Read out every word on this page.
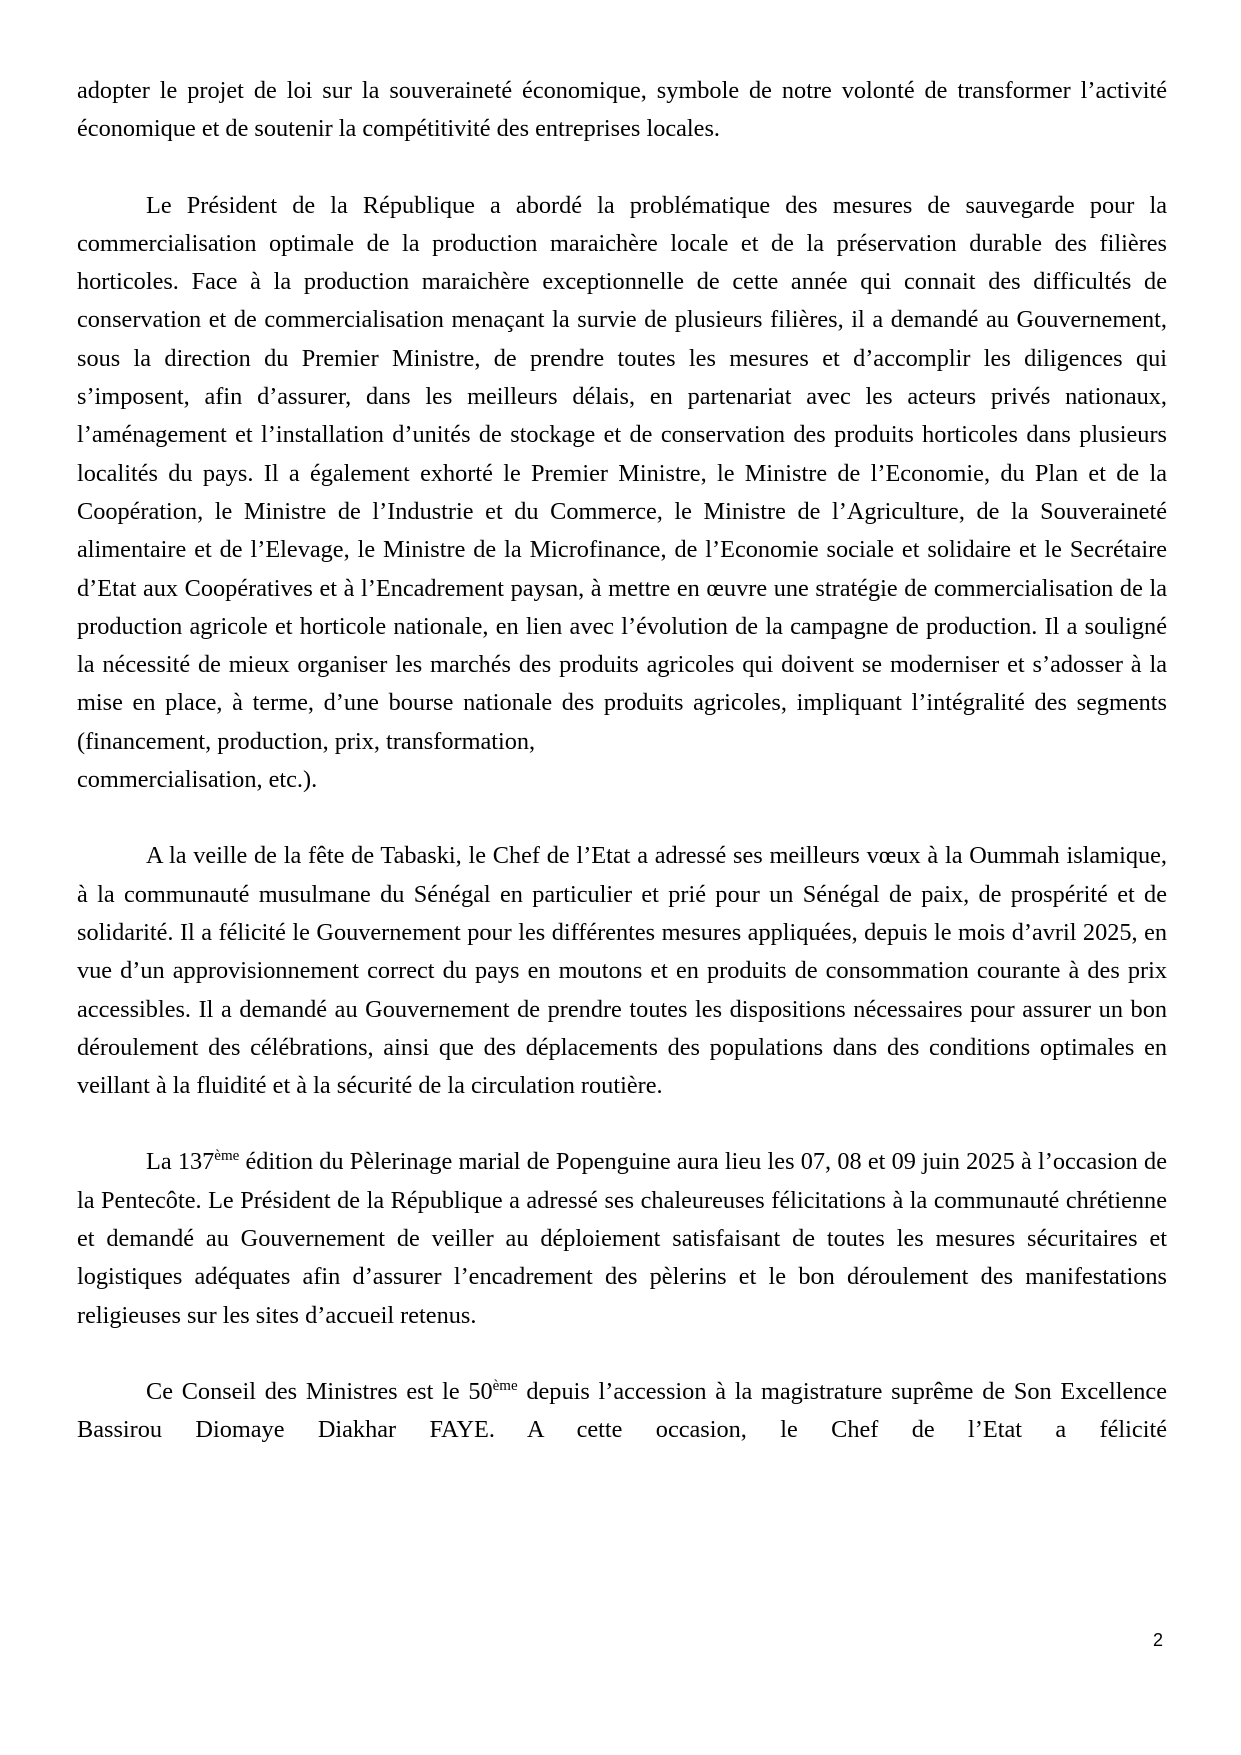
adopter le projet de loi sur la souveraineté économique, symbole de notre volonté de transformer l’activité économique et de soutenir la compétitivité des entreprises locales.

Le Président de la République a abordé la problématique des mesures de sauvegarde pour la commercialisation optimale de la production maraichère locale et de la préservation durable des filières horticoles. Face à la production maraichère exceptionnelle de cette année qui connait des difficultés de conservation et de commercialisation menaçant la survie de plusieurs filières, il a demandé au Gouvernement, sous la direction du Premier Ministre, de prendre toutes les mesures et d’accomplir les diligences qui s’imposent, afin d’assurer, dans les meilleurs délais, en partenariat avec les acteurs privés nationaux, l’aménagement et l’installation d’unités de stockage et de conservation des produits horticoles dans plusieurs localités du pays. Il a également exhorté le Premier Ministre, le Ministre de l’Economie, du Plan et de la Coopération, le Ministre de l’Industrie et du Commerce, le Ministre de l’Agriculture, de la Souveraineté alimentaire et de l’Elevage, le Ministre de la Microfinance, de l’Economie sociale et solidaire et le Secrétaire d’Etat aux Coopératives et à l’Encadrement paysan, à mettre en œuvre une stratégie de commercialisation de la production agricole et horticole nationale, en lien avec l’évolution de la campagne de production. Il a souligné la nécessité de mieux organiser les marchés des produits agricoles qui doivent se moderniser et s’adosser à la mise en place, à terme, d’une bourse nationale des produits agricoles, impliquant l’intégralité des segments (financement, production, prix, transformation,

commercialisation, etc.).

A la veille de la fête de Tabaski, le Chef de l’Etat a adressé ses meilleurs vœux à la Oummah islamique, à la communauté musulmane du Sénégal en particulier et prié pour un Sénégal de paix, de prospérité et de solidarité. Il a félicité le Gouvernement pour les différentes mesures appliquées, depuis le mois d’avril 2025, en vue d’un approvisionnement correct du pays en moutons et en produits de consommation courante à des prix accessibles. Il a demandé au Gouvernement de prendre toutes les dispositions nécessaires pour assurer un bon déroulement des célébrations, ainsi que des déplacements des populations dans des conditions optimales en veillant à la fluidité et à la sécurité de la circulation routière.

La 137ème édition du Pèlerinage marial de Popenguine aura lieu les 07, 08 et 09 juin 2025 à l’occasion de la Pentecôte. Le Président de la République a adressé ses chaleureuses félicitations à la communauté chrétienne et demandé au Gouvernement de veiller au déploiement satisfaisant de toutes les mesures sécuritaires et logistiques adéquates afin d’assurer l’encadrement des pèlerins et le bon déroulement des manifestations religieuses sur les sites d’accueil retenus.

Ce Conseil des Ministres est le 50ème depuis l’accession à la magistrature suprême de Son Excellence Bassirou Diomaye Diakhar FAYE. A cette occasion, le Chef de l’Etat a félicité

2
